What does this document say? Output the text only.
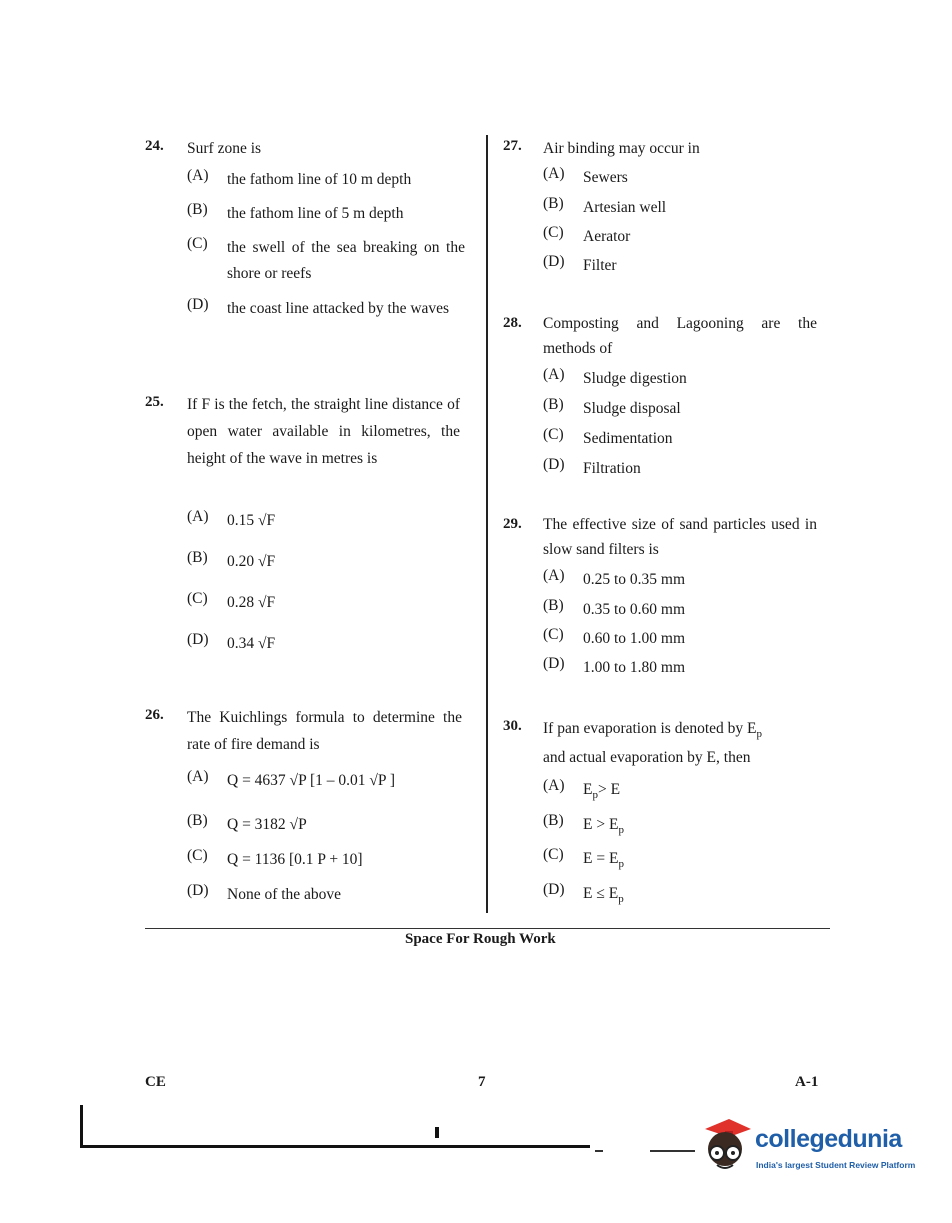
24. Surf zone is
(A)	the fathom line of 10 m depth
(B)	the fathom line of 5 m depth
(C)	the swell of the sea breaking on the shore or reefs
(D)	the coast line attacked by the waves
25. If F is the fetch, the straight line distance of open water available in kilometres, the height of the wave in metres is
(A)	0.15 √F
(B)	0.20 √F
(C)	0.28 √F
(D)	0.34 √F
26. The Kuichlings formula to determine the rate of fire demand is
(A)	Q = 4637 √P [1 – 0.01 √P ]
(B)	Q = 3182 √P
(C)	Q = 1136 [0.1 P + 10]
(D)	None of the above
27. Air binding may occur in
(A)	Sewers
(B)	Artesian well
(C)	Aerator
(D)	Filter
28. Composting and Lagooning are the methods of
(A)	Sludge digestion
(B)	Sludge disposal
(C)	Sedimentation
(D)	Filtration
29. The effective size of sand particles used in slow sand filters is
(A)	0.25 to 0.35 mm
(B)	0.35 to 0.60 mm
(C)	0.60 to 1.00 mm
(D)	1.00 to 1.80 mm
30. If pan evaporation is denoted by $E_p$
and actual evaporation by E, then
(A)	$E_p> E$
(B)	$E > E_p$
(C)	$E = E_p$
(D)	$E \le E_p$
Space For Rough Work
CE	7	A-1
collegedunia
India's largest Student Review Platform
